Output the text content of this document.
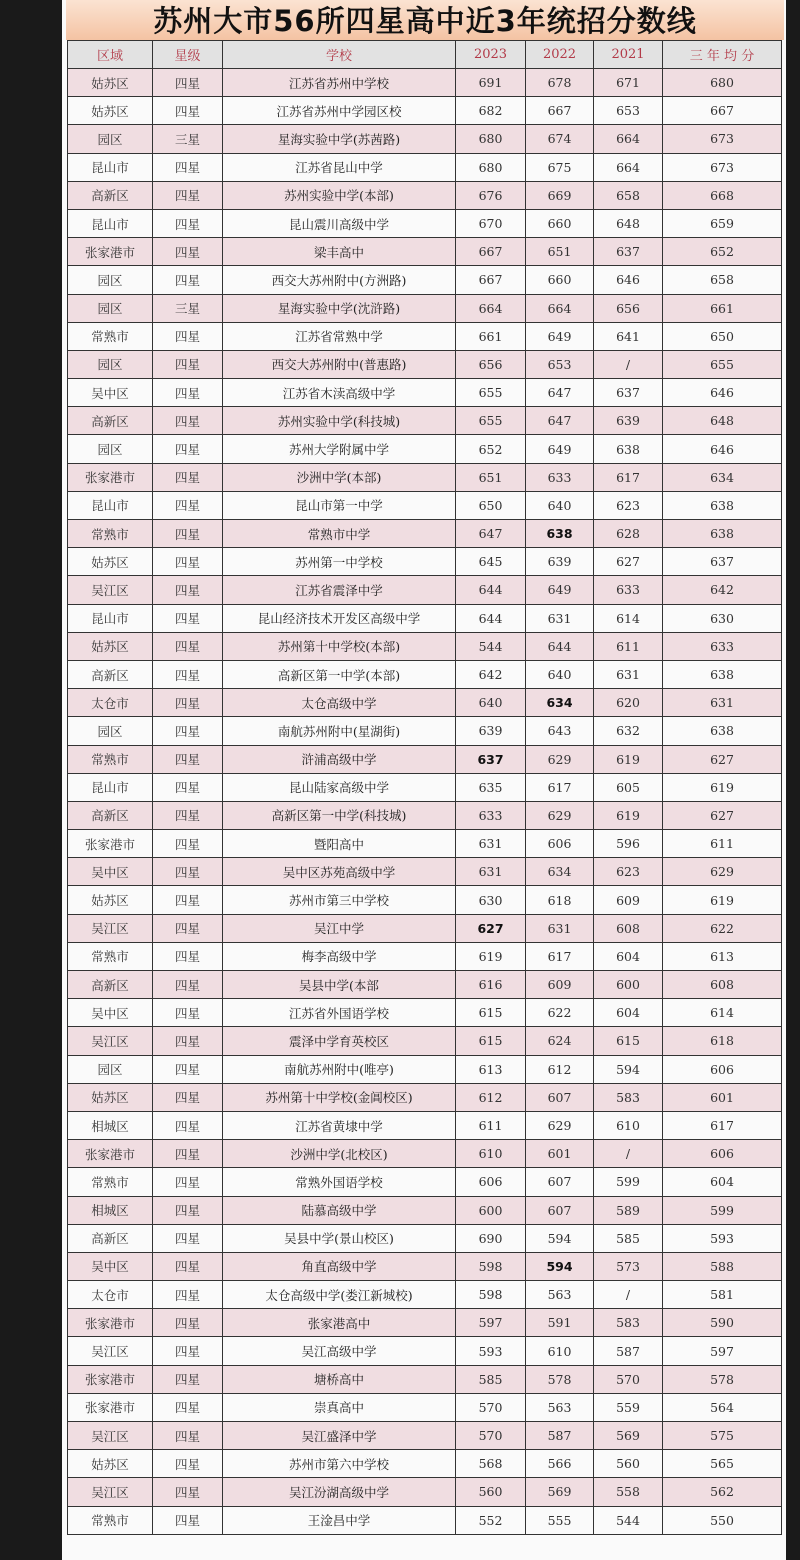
苏州大市56所四星高中近3年统招分数线
区域	星级	学校	2023	2022	2021	三 年 均 分
姑苏区	四星	江苏省苏州中学校	691	678	671	680
姑苏区	四星	江苏省苏州中学园区校	682	667	653	667
园区	三星	星海实验中学(苏茜路)	680	674	664	673
昆山市	四星	江苏省昆山中学	680	675	664	673
高新区	四星	苏州实验中学(本部)	676	669	658	668
昆山市	四星	昆山震川高级中学	670	660	648	659
张家港市	四星	梁丰高中	667	651	637	652
园区	四星	西交大苏州附中(方洲路)	667	660	646	658
园区	三星	星海实验中学(沈浒路)	664	664	656	661
常熟市	四星	江苏省常熟中学	661	649	641	650
园区	四星	西交大苏州附中(普惠路)	656	653	/	655
吴中区	四星	江苏省木渎高级中学	655	647	637	646
高新区	四星	苏州实验中学(科技城)	655	647	639	648
园区	四星	苏州大学附属中学	652	649	638	646
张家港市	四星	沙洲中学(本部)	651	633	617	634
昆山市	四星	昆山市第一中学	650	640	623	638
常熟市	四星	常熟市中学	647	638	628	638
姑苏区	四星	苏州第一中学校	645	639	627	637
吴江区	四星	江苏省震泽中学	644	649	633	642
昆山市	四星	昆山经济技术开发区高级中学	644	631	614	630
姑苏区	四星	苏州第十中学校(本部)	544	644	611	633
高新区	四星	高新区第一中学(本部)	642	640	631	638
太仓市	四星	太仓高级中学	640	634	620	631
园区	四星	南航苏州附中(星湖街)	639	643	632	638
常熟市	四星	浒浦高级中学	637	629	619	627
昆山市	四星	昆山陆家高级中学	635	617	605	619
高新区	四星	高新区第一中学(科技城)	633	629	619	627
张家港市	四星	暨阳高中	631	606	596	611
吴中区	四星	吴中区苏苑高级中学	631	634	623	629
姑苏区	四星	苏州市第三中学校	630	618	609	619
吴江区	四星	吴江中学	627	631	608	622
常熟市	四星	梅李高级中学	619	617	604	613
高新区	四星	吴县中学(本部	616	609	600	608
吴中区	四星	江苏省外国语学校	615	622	604	614
吴江区	四星	震泽中学育英校区	615	624	615	618
园区	四星	南航苏州附中(唯亭)	613	612	594	606
姑苏区	四星	苏州第十中学校(金阊校区)	612	607	583	601
相城区	四星	江苏省黄埭中学	611	629	610	617
张家港市	四星	沙洲中学(北校区)	610	601	/	606
常熟市	四星	常熟外国语学校	606	607	599	604
相城区	四星	陆慕高级中学	600	607	589	599
高新区	四星	吴县中学(景山校区)	690	594	585	593
吴中区	四星	角直高级中学	598	594	573	588
太仓市	四星	太仓高级中学(娄江新城校)	598	563	/	581
张家港市	四星	张家港高中	597	591	583	590
吴江区	四星	吴江高级中学	593	610	587	597
张家港市	四星	塘桥高中	585	578	570	578
张家港市	四星	崇真高中	570	563	559	564
吴江区	四星	吴江盛泽中学	570	587	569	575
姑苏区	四星	苏州市第六中学校	568	566	560	565
吴江区	四星	吴江汾湖高级中学	560	569	558	562
常熟市	四星	王淦昌中学	552	555	544	550
